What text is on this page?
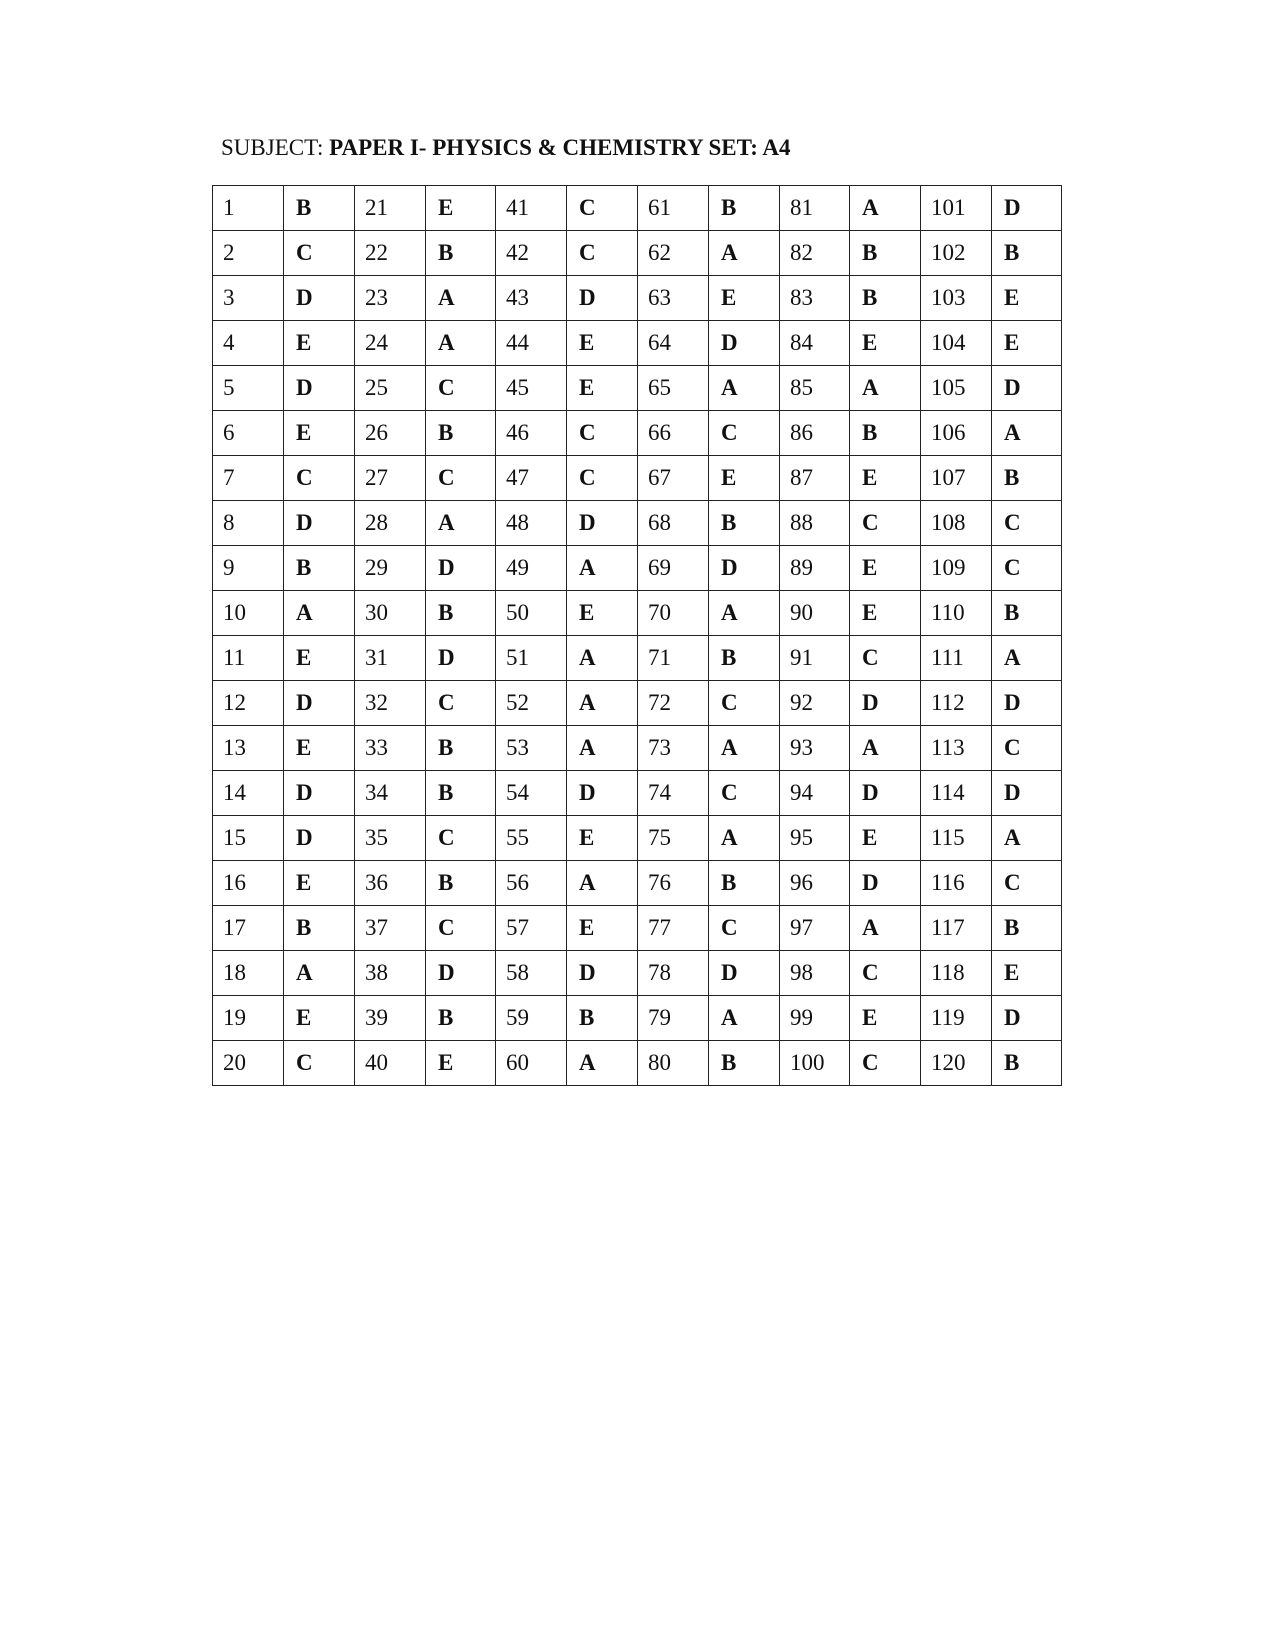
SUBJECT: PAPER I- PHYSICS & CHEMISTRY SET: A4
1	B	21	E	41	C	61	B	81	A	101	D
2	C	22	B	42	C	62	A	82	B	102	B
3	D	23	A	43	D	63	E	83	B	103	E
4	E	24	A	44	E	64	D	84	E	104	E
5	D	25	C	45	E	65	A	85	A	105	D
6	E	26	B	46	C	66	C	86	B	106	A
7	C	27	C	47	C	67	E	87	E	107	B
8	D	28	A	48	D	68	B	88	C	108	C
9	B	29	D	49	A	69	D	89	E	109	C
10	A	30	B	50	E	70	A	90	E	110	B
11	E	31	D	51	A	71	B	91	C	111	A
12	D	32	C	52	A	72	C	92	D	112	D
13	E	33	B	53	A	73	A	93	A	113	C
14	D	34	B	54	D	74	C	94	D	114	D
15	D	35	C	55	E	75	A	95	E	115	A
16	E	36	B	56	A	76	B	96	D	116	C
17	B	37	C	57	E	77	C	97	A	117	B
18	A	38	D	58	D	78	D	98	C	118	E
19	E	39	B	59	B	79	A	99	E	119	D
20	C	40	E	60	A	80	B	100	C	120	B
